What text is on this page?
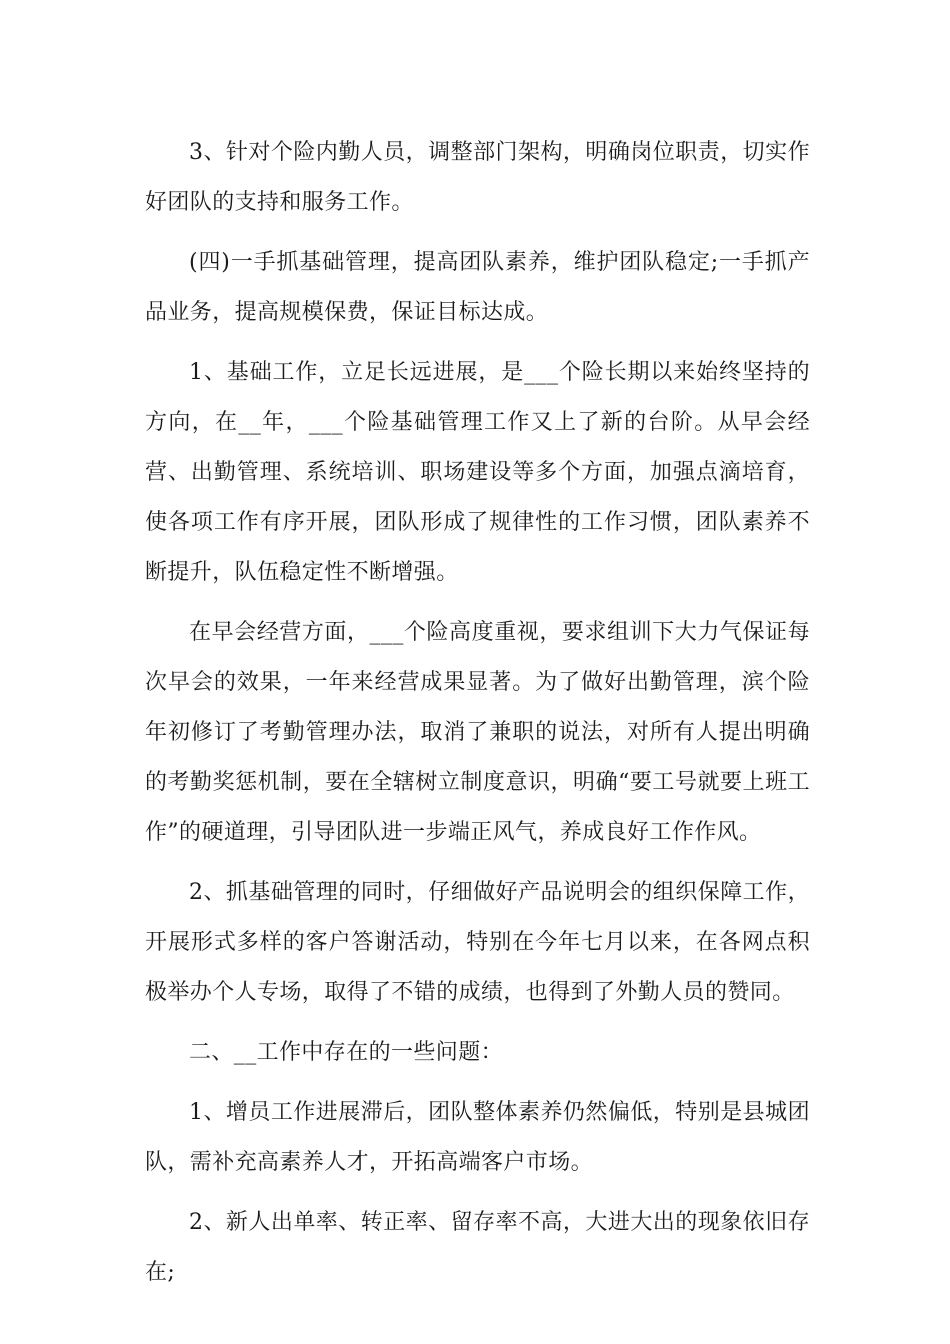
3、针对个险内勤人员，调整部门架构，明确岗位职责，切实作好团队的支持和服务工作。

(四)一手抓基础管理，提高团队素养，维护团队稳定;一手抓产品业务，提高规模保费，保证目标达成。

1、基础工作，立足长远进展，是___个险长期以来始终坚持的方向，在__年，___个险基础管理工作又上了新的台阶。从早会经营、出勤管理、系统培训、职场建设等多个方面，加强点滴培育，使各项工作有序开展，团队形成了规律性的工作习惯，团队素养不断提升，队伍稳定性不断增强。

在早会经营方面，___个险高度重视，要求组训下大力气保证每次早会的效果，一年来经营成果显著。为了做好出勤管理，滨个险年初修订了考勤管理办法，取消了兼职的说法，对所有人提出明确的考勤奖惩机制，要在全辖树立制度意识，明确“要工号就要上班工作”的硬道理，引导团队进一步端正风气，养成良好工作作风。

2、抓基础管理的同时，仔细做好产品说明会的组织保障工作，开展形式多样的客户答谢活动，特别在今年七月以来，在各网点积极举办个人专场，取得了不错的成绩，也得到了外勤人员的赞同。

二、__工作中存在的一些问题：

1、增员工作进展滞后，团队整体素养仍然偏低，特别是县城团队，需补充高素养人才，开拓高端客户市场。

2、新人出单率、转正率、留存率不高，大进大出的现象依旧存在;
